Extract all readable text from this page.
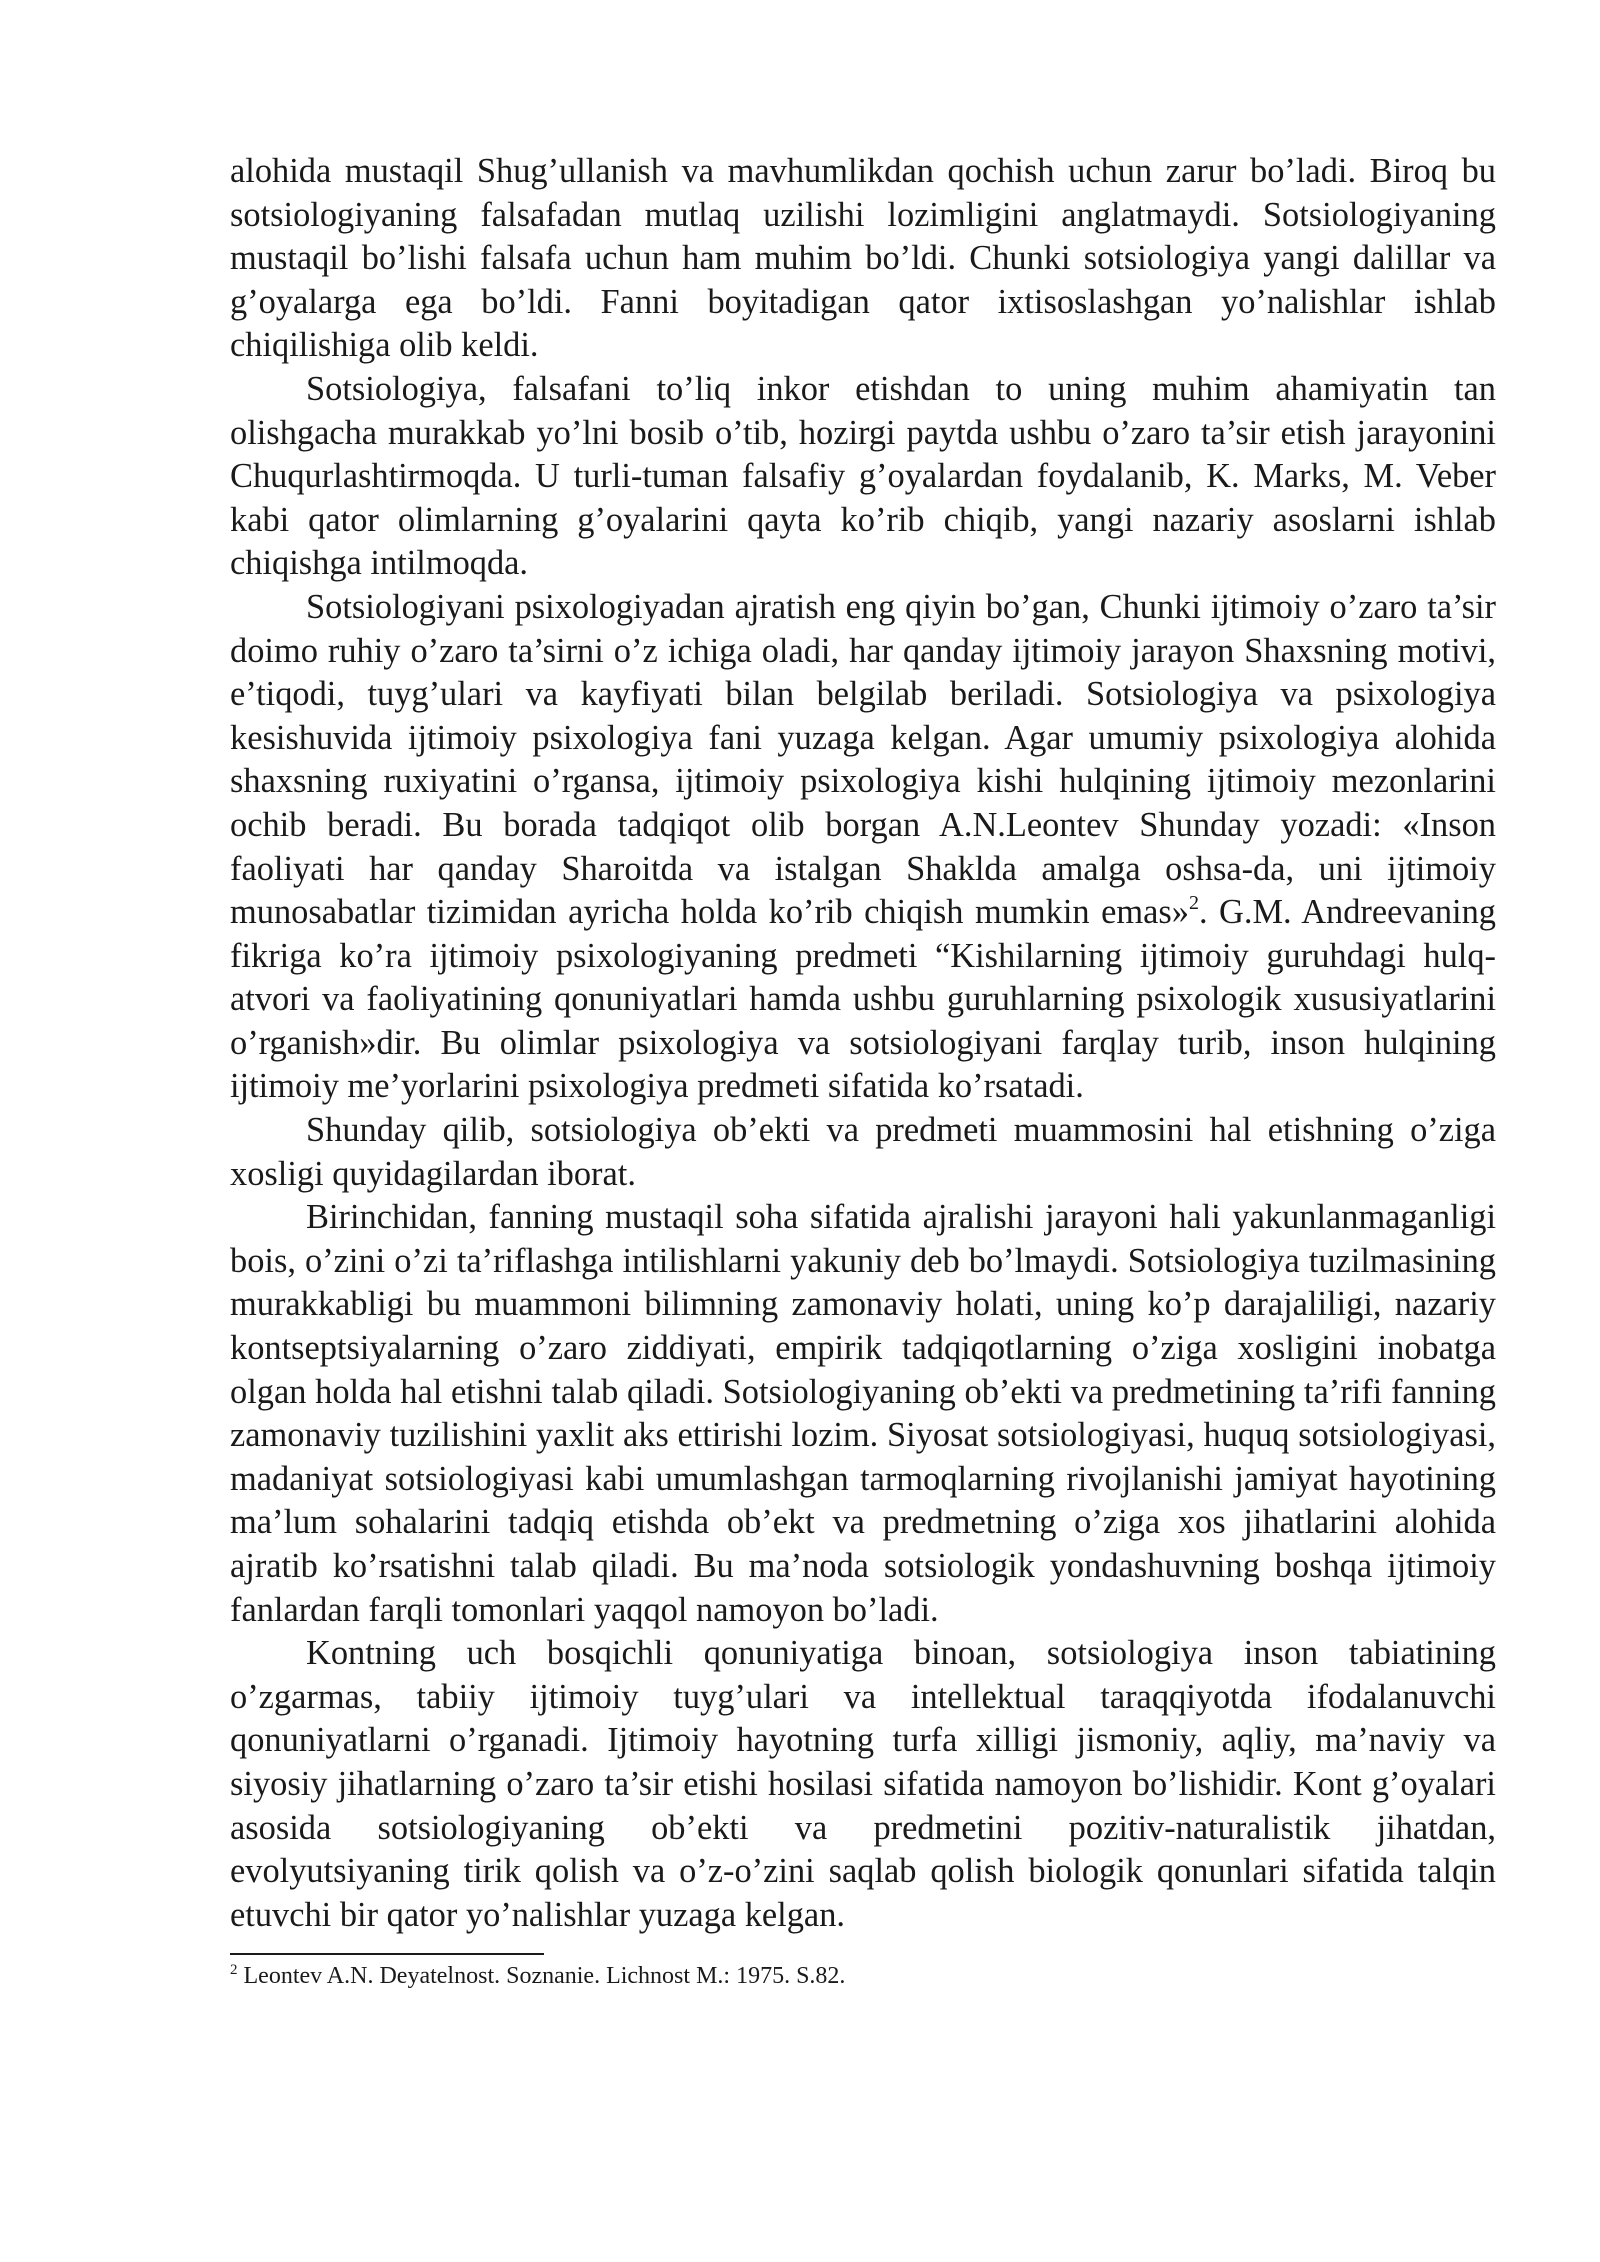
alohida mustaqil Shug’ullanish va mavhumlikdan qochish uchun zarur bo’ladi. Biroq bu sotsiologiyaning falsafadan mutlaq uzilishi lozimligini anglatmaydi. Sotsiologiyaning mustaqil bo’lishi falsafa uchun ham muhim bo’ldi. Chunki sotsiologiya yangi dalillar va g’oyalarga ega bo’ldi. Fanni boyitadigan qator ixtisoslashgan yo’nalishlar ishlab chiqilishiga olib keldi.

Sotsiologiya, falsafani to’liq inkor etishdan to uning muhim ahamiyatin tan olishgacha murakkab yo’lni bosib o’tib, hozirgi paytda ushbu o’zaro ta’sir etish jarayonini Chuqurlashtirmoqda. U turli-tuman falsafiy g’oyalardan foydalanib, K. Marks, M. Veber kabi qator olimlarning g’oyalarini qayta ko’rib chiqib, yangi nazariy asoslarni ishlab chiqishga intilmoqda.

Sotsiologiyani psixologiyadan ajratish eng qiyin bo’gan, Chunki ijtimoiy o’zaro ta’sir doimo ruhiy o’zaro ta’sirni o’z ichiga oladi, har qanday ijtimoiy jarayon Shaxsning motivi, e’tiqodi, tuyg’ulari va kayfiyati bilan belgilab beriladi. Sotsiologiya va psixologiya kesishuvida ijtimoiy psixologiya fani yuzaga kelgan. Agar umumiy psixologiya alohida shaxsning ruxiyatini o’rgansa, ijtimoiy psixologiya kishi hulqining ijtimoiy mezonlarini ochib beradi. Bu borada tadqiqot olib borgan A.N.Leontev Shunday yozadi: «Inson faoliyati har qanday Sharoitda va istalgan Shakldа amalga oshsa-da, uni ijtimoiy munosabatlar tizimidan ayricha holda ko’rib chiqish mumkin emas»$^2$. G.M. Andreevaning fikriga ko’ra ijtimoiy psixologiyaning predmeti “Kishilarning ijtimoiy guruhdagi hulq-atvori va faoliyatining qonuniyatlari hamda ushbu guruhlarning psixologik xususiyatlarini o’rganish»dir. Bu olimlar psixologiya va sotsiologiyani farqlay turib, inson hulqining ijtimoiy me’yorlarini psixologiya predmeti sifatida ko’rsatadi.

Shunday qilib, sotsiologiya ob’ekti va predmeti muammosini hal etishning o’ziga xosligi quyidagilardan iborat.

Birinchidan, fanning mustaqil soha sifatida ajralishi jarayoni hali yakunlanmaganligi bois, o’zini o’zi ta’riflashga intilishlarni yakuniy deb bo’lmaydi. Sotsiologiya tuzilmasining murakkabligi bu muammoni bilimning zamonaviy holati, uning ko’p darajaliligi, nazariy kontseptsiyalarning o’zaro ziddiyati, empirik tadqiqotlarning o’ziga xosligini inobatga olgan holda hal etishni talab qiladi. Sotsiologiyaning ob’ekti va predmetining ta’rifi fanning zamonaviy tuzilishini yaxlit aks ettirishi lozim. Siyosat sotsiologiyasi, huquq sotsiologiyasi, madaniyat sotsiologiyasi kabi umumlashgan tarmoqlarning rivojlanishi jamiyat hayotining ma’lum sohalarini tadqiq etishda ob’ekt va predmetning o’ziga xos jihatlarini alohida ajratib ko’rsatishni talab qiladi. Bu ma’noda sotsiologik yondashuvning boshqa ijtimoiy fanlardan farqli tomonlari yaqqol namoyon bo’ladi.

Kontning uch bosqichli qonuniyatiga binoan, sotsiologiya inson tabiatining o’zgarmas, tabiiy ijtimoiy tuyg’ulari va intellektual taraqqiyotda ifodalanuvchi qonuniyatlarni o’rganadi. Ijtimoiy hayotning turfa xilligi jismoniy, aqliy, ma’naviy va siyosiy jihatlarning o’zaro ta’sir etishi hosilasi sifatida namoyon bo’lishidir. Kont g’oyalari asosida sotsiologiyaning ob’ekti va predmetini pozitiv-naturalistik jihatdan, evolyutsiyaning tirik qolish va o’z-o’zini saqlab qolish biologik qonunlari sifatida talqin etuvchi bir qator yo’nalishlar yuzaga kelgan.

$^2$ Leontev A.N. Deyatelnost. Soznanie. Lichnost M.: 1975. S.82.
